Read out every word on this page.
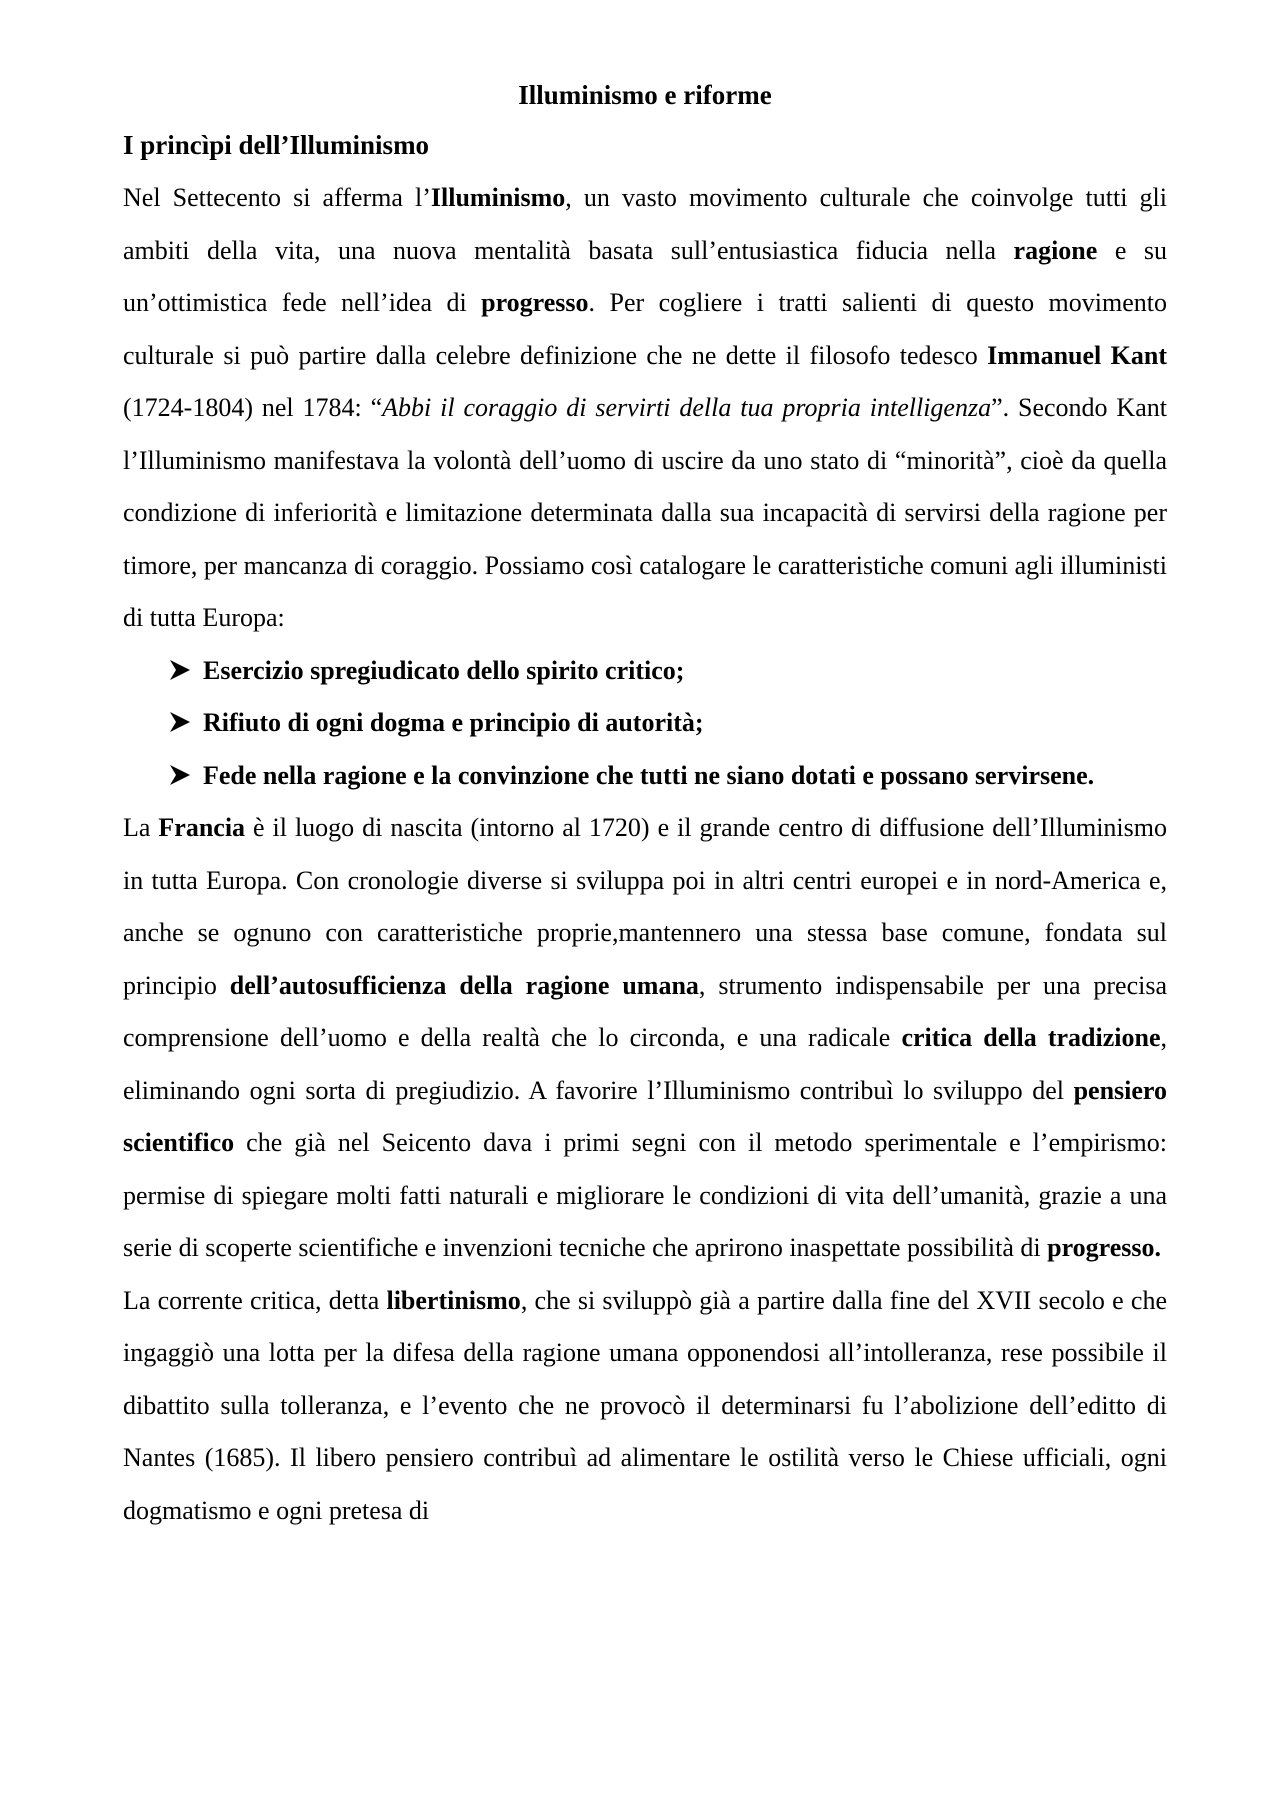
Illuminismo e riforme
I princìpi dell’Illuminismo

Nel Settecento si afferma l’Illuminismo, un vasto movimento culturale che coinvolge tutti gli ambiti della vita, una nuova mentalità basata sull’entusiastica fiducia nella ragione e su un’ottimistica fede nell’idea di progresso. Per cogliere i tratti salienti di questo movimento culturale si può partire dalla celebre definizione che ne dette il filosofo tedesco Immanuel Kant (1724-1804) nel 1784: “Abbi il coraggio di servirti della tua propria intelligenza”. Secondo Kant l’Illuminismo manifestava la volontà dell’uomo di uscire da uno stato di “minorità”, cioè da quella condizione di inferiorità e limitazione determinata dalla sua incapacità di servirsi della ragione per timore, per mancanza di coraggio. Possiamo così catalogare le caratteristiche comuni agli illuministi di tutta Europa:

Esercizio spregiudicato dello spirito critico;
Rifiuto di ogni dogma e principio di autorità;
Fede nella ragione e la convinzione che tutti ne siano dotati e possano servirsene.

La Francia è il luogo di nascita (intorno al 1720) e il grande centro di diffusione dell’Illuminismo in tutta Europa. Con cronologie diverse si sviluppa poi in altri centri europei e in nord-America e, anche se ognuno con caratteristiche proprie,mantennero una stessa base comune, fondata sul principio dell’autosufficienza della ragione umana, strumento indispensabile per una precisa comprensione dell’uomo e della realtà che lo circonda, e una radicale critica della tradizione, eliminando ogni sorta di pregiudizio. A favorire l’Illuminismo contribuì lo sviluppo del pensiero scientifico che già nel Seicento dava i primi segni con il metodo sperimentale e l’empirismo: permise di spiegare molti fatti naturali e migliorare le condizioni di vita dell’umanità, grazie a una serie di scoperte scientifiche e invenzioni tecniche che aprirono inaspettate possibilità di progresso.

La corrente critica, detta libertinismo, che si sviluppò già a partire dalla fine del XVII secolo e che ingaggiò una lotta per la difesa della ragione umana opponendosi all’intolleranza, rese possibile il dibattito sulla tolleranza, e l’evento che ne provocò il determinarsi fu l’abolizione dell’editto di Nantes (1685). Il libero pensiero contribuì ad alimentare le ostilità verso le Chiese ufficiali, ogni dogmatismo e ogni pretesa di
